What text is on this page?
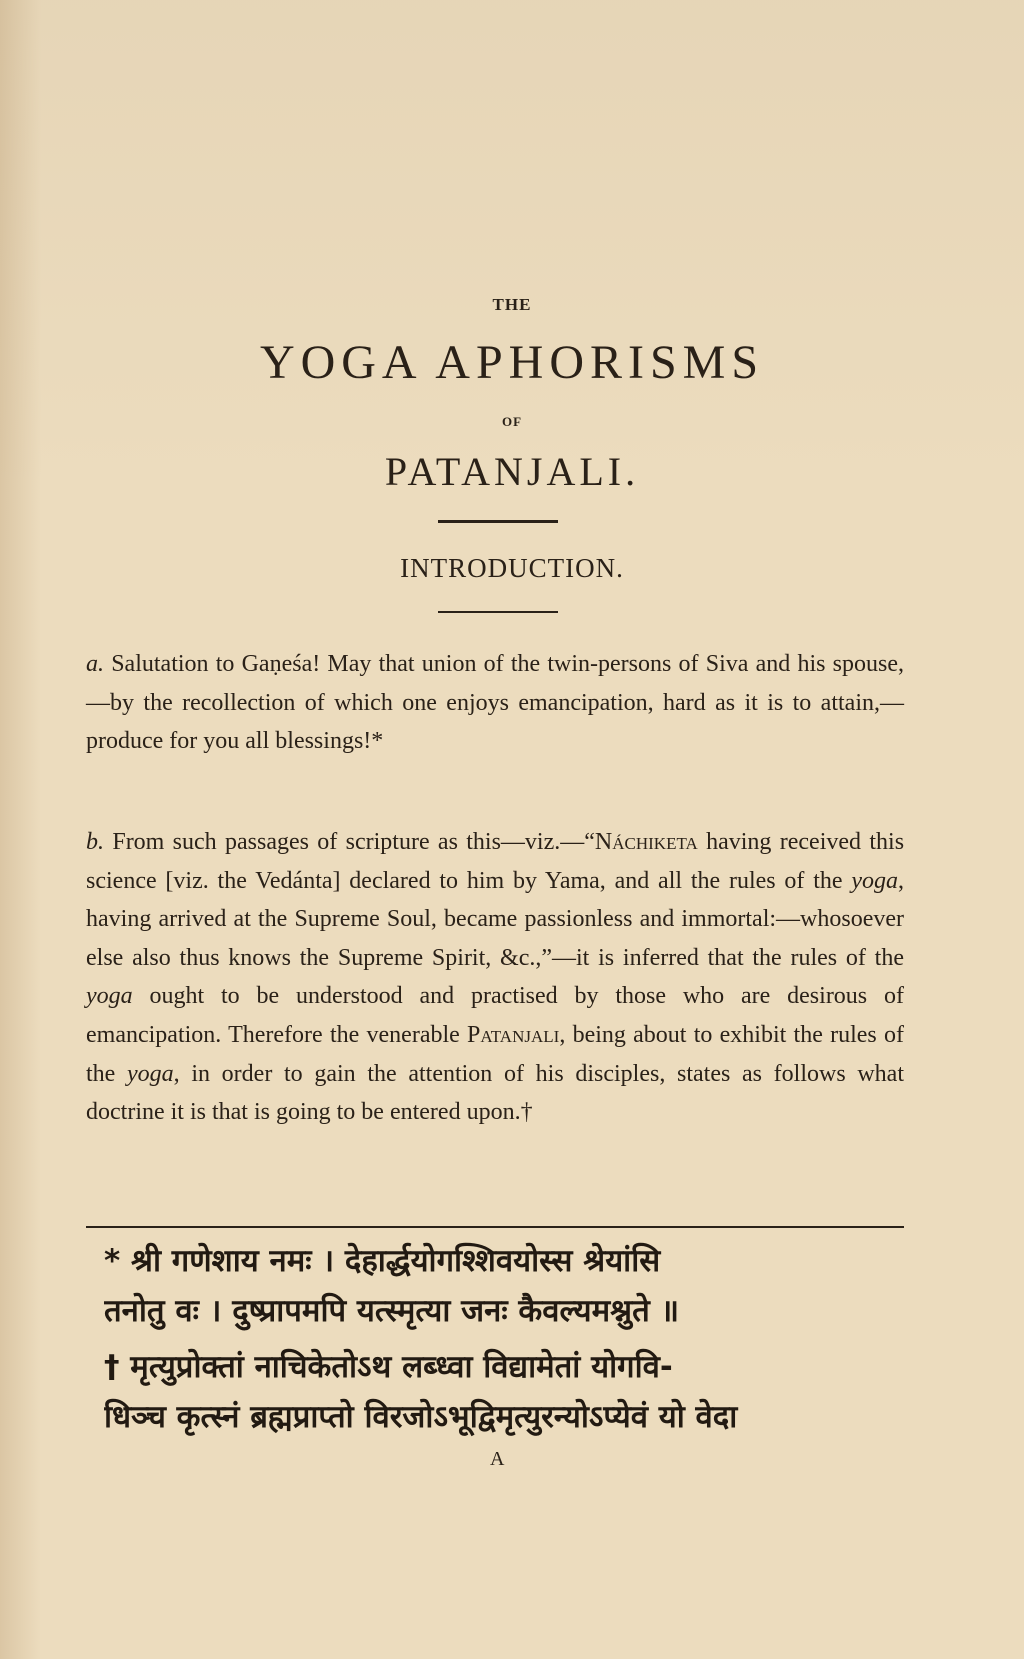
THE
YOGA APHORISMS
OF
PATANJALI.
INTRODUCTION.
a. Salutation to Gaṇeśa! May that union of the twin-persons of Siva and his spouse,—by the recollection of which one enjoys emancipation, hard as it is to attain,—produce for you all blessings!*
b. From such passages of scripture as this—viz.—“Náchiketa having received this science [viz. the Vedánta] declared to him by Yama, and all the rules of the yoga, having arrived at the Supreme Soul, became passionless and immortal:—whosoever else also thus knows the Supreme Spirit, &c.,”—it is inferred that the rules of the yoga ought to be understood and practised by those who are desirous of emancipation. Therefore the venerable Patanjali, being about to exhibit the rules of the yoga, in order to gain the attention of his disciples, states as follows what doctrine it is that is going to be entered upon.†
* श्री गणेशाय नमः । देहार्द्धयोगश्शिवयोस्स श्रेयांसि
तनोतु वः । दुष्प्रापमपि यत्स्मृत्या जनः कैवल्यमश्नुते ॥
† मृत्युप्रोक्तां नाचिकेतोऽथ लब्ध्वा विद्यामेतां योगवि-
धिञ्च कृत्स्नं ब्रह्मप्राप्तो विरजोऽभूद्विमृत्युरन्योऽप्येवं यो वेदा
A
